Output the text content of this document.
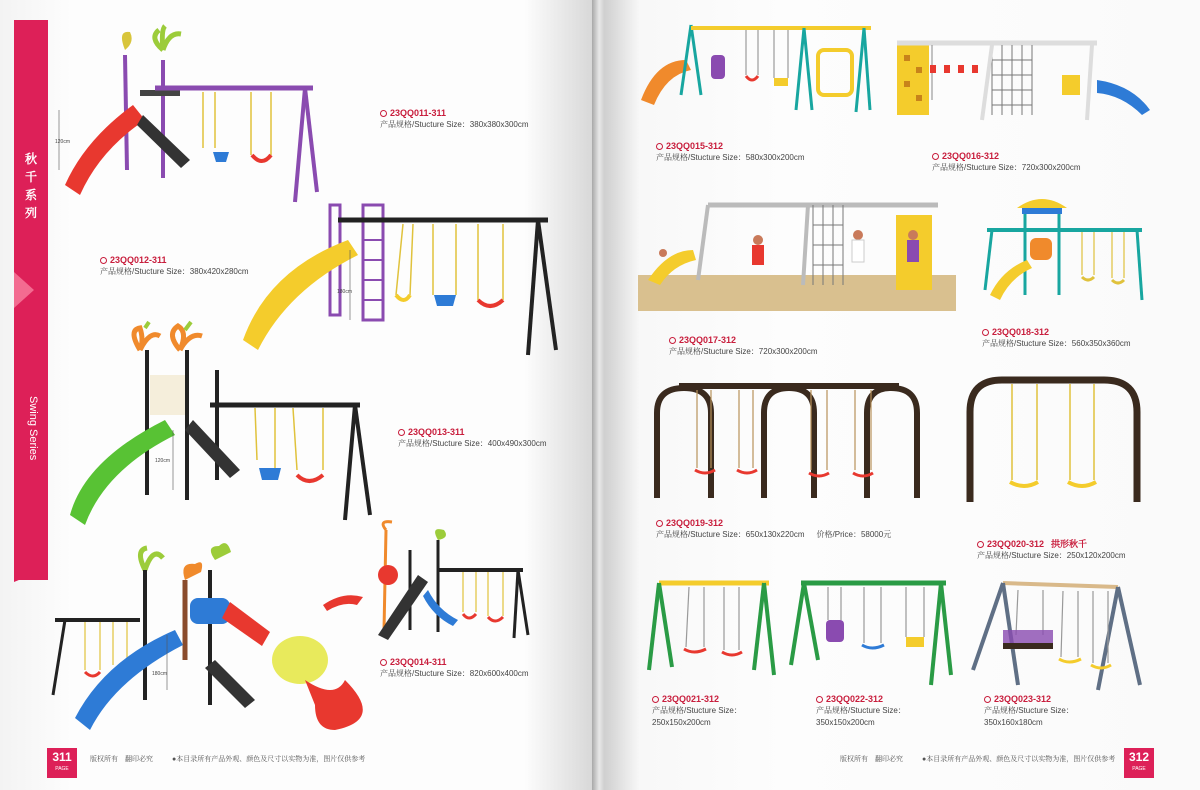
秋千系列
Swing Series
120cm
180cm
120cm
180cm
23QQ011-311
产品规格/Stucture Size：380x380x300cm
23QQ012-311
产品规格/Stucture Size：380x420x280cm
23QQ013-311
产品规格/Stucture Size：400x490x300cm
23QQ014-311
产品规格/Stucture Size：820x600x400cm
311
PAGE
版权所有　翻印必究	●本目录所有产品外观、颜色及尺寸以实物为准，图片仅供参考
23QQ015-312
产品规格/Stucture Size：580x300x200cm	23QQ016-312
产品规格/Stucture Size：720x300x200cm
23QQ017-312
产品规格/Stucture Size：720x300x200cm
23QQ018-312
产品规格/Stucture Size：560x350x360cm
23QQ019-312
产品规格/Stucture Size：650x130x220cm 价格/Price：58000元
23QQ020-312 拱形秋千
产品规格/Stucture Size：250x120x200cm
23QQ021-312
产品规格/Stucture Size：
250x150x200cm
23QQ022-312
产品规格/Stucture Size：
350x150x200cm
23QQ023-312
产品规格/Stucture Size：
350x160x180cm
版权所有　翻印必究	●本目录所有产品外观、颜色及尺寸以实物为准，图片仅供参考	312
PAGE
